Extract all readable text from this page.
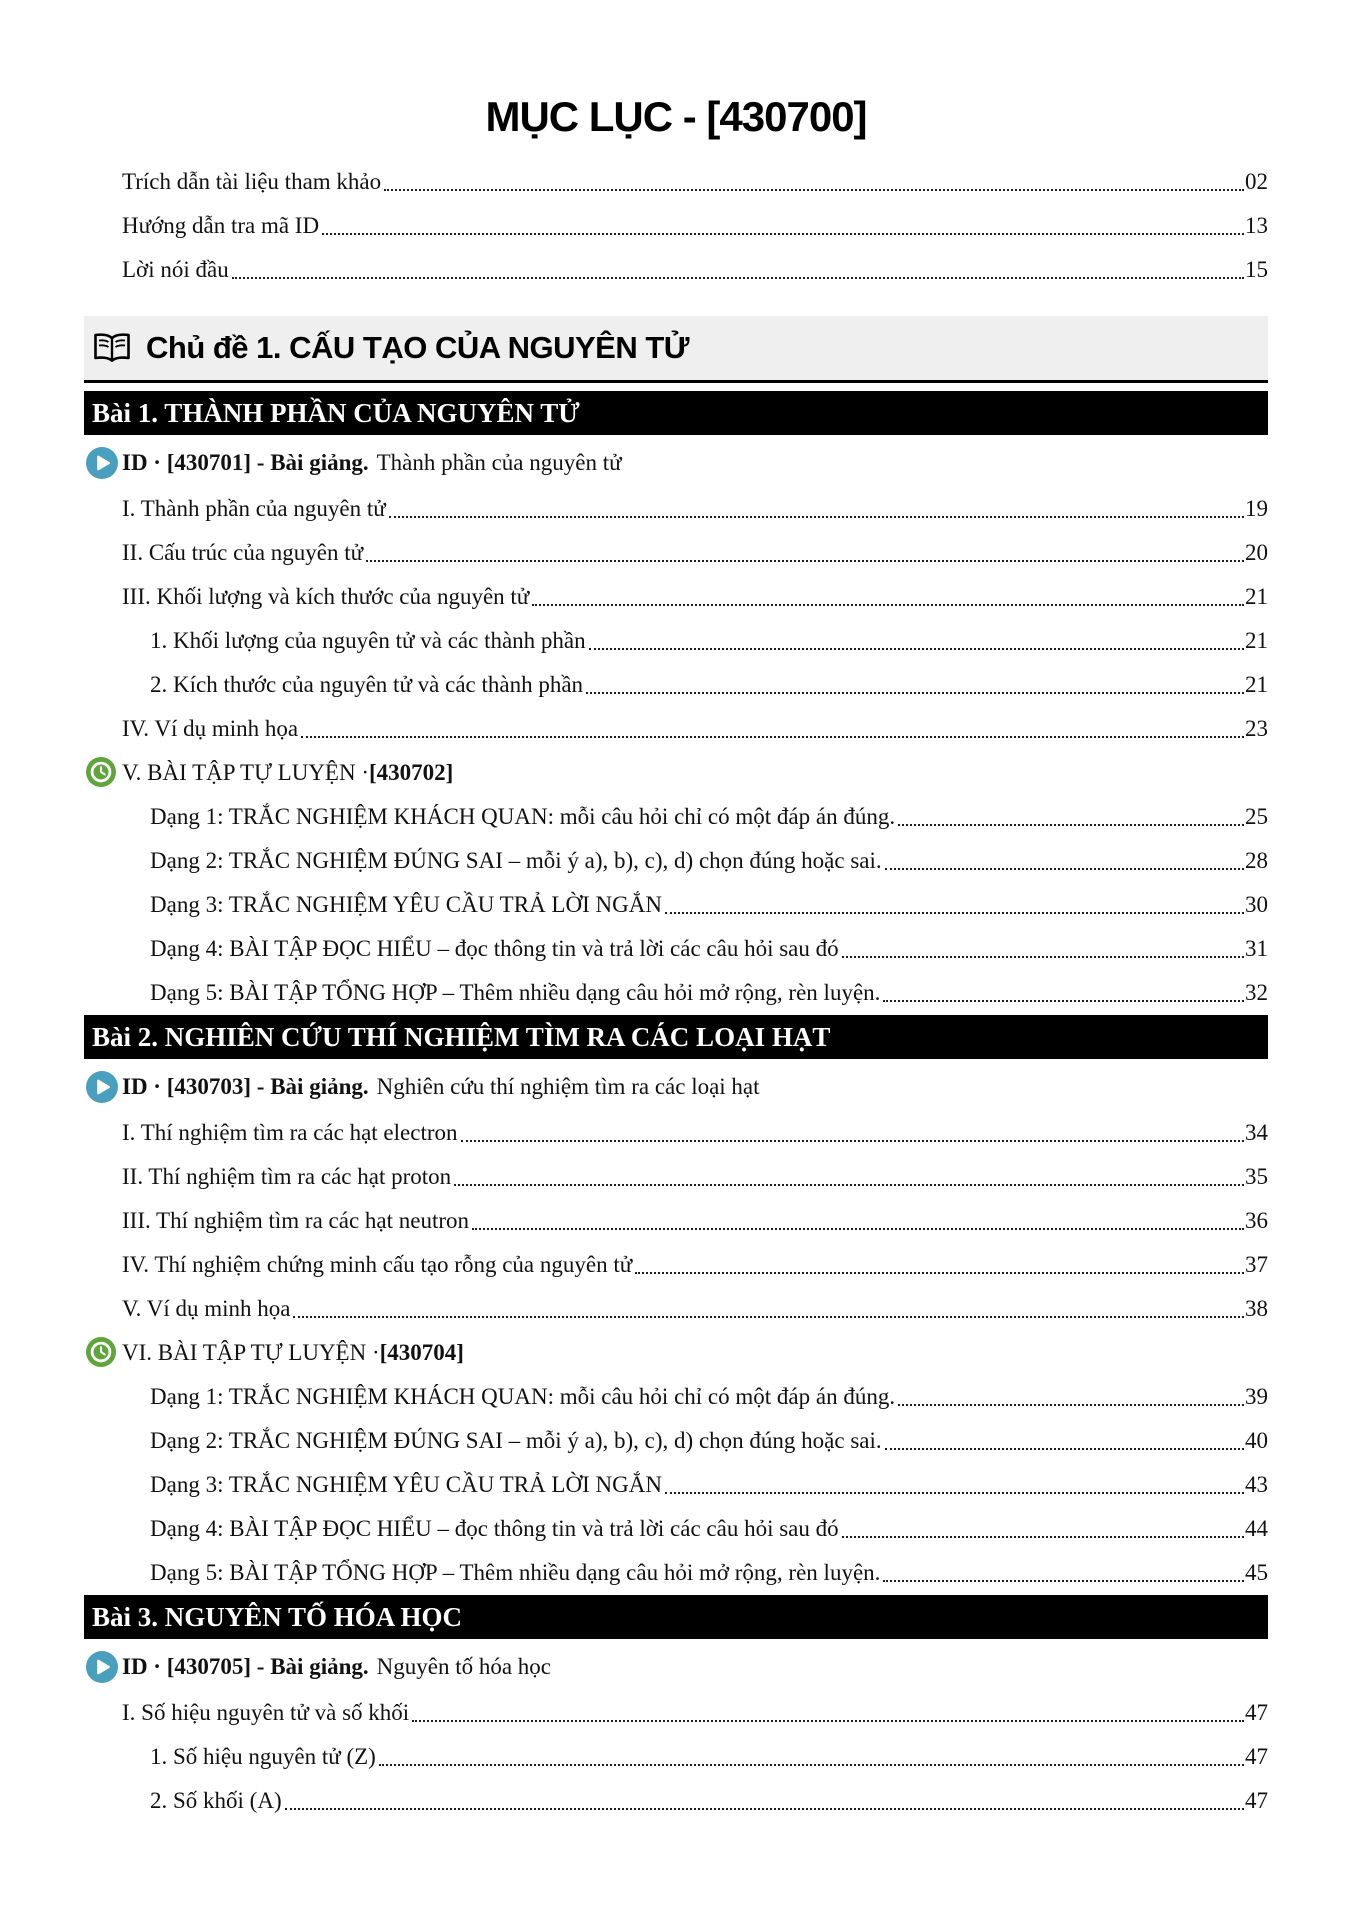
MỤC LỤC - [430700]
Trích dẫn tài liệu tham khảo	02
Hướng dẫn tra mã ID	13
Lời nói đầu	15
Chủ đề 1. CẤU TẠO CỦA NGUYÊN TỬ
Bài 1. THÀNH PHẦN CỦA NGUYÊN TỬ
ID · [430701] - Bài giảng. Thành phần của nguyên tử
I. Thành phần của nguyên tử	19
II. Cấu trúc của nguyên tử	20
III. Khối lượng và kích thước của nguyên tử	21
1. Khối lượng của nguyên tử và các thành phần	21
2. Kích thước của nguyên tử và các thành phần	21
IV. Ví dụ minh họa	23
V. BÀI TẬP TỰ LUYỆN · [430702]
Dạng 1: TRẮC NGHIỆM KHÁCH QUAN: mỗi câu hỏi chỉ có một đáp án đúng.	25
Dạng 2: TRẮC NGHIỆM ĐÚNG SAI – mỗi ý a), b), c), d) chọn đúng hoặc sai.	28
Dạng 3: TRẮC NGHIỆM YÊU CẦU TRẢ LỜI NGẮN	30
Dạng 4: BÀI TẬP ĐỌC HIỂU – đọc thông tin và trả lời các câu hỏi sau đó	31
Dạng 5: BÀI TẬP TỔNG HỢP – Thêm nhiều dạng câu hỏi mở rộng, rèn luyện.	32
Bài 2. NGHIÊN CỨU THÍ NGHIỆM TÌM RA CÁC LOẠI HẠT
ID · [430703] - Bài giảng. Nghiên cứu thí nghiệm tìm ra các loại hạt
I. Thí nghiệm tìm ra các hạt electron	34
II. Thí nghiệm tìm ra các hạt proton	35
III. Thí nghiệm tìm ra các hạt neutron	36
IV. Thí nghiệm chứng minh cấu tạo rỗng của nguyên tử	37
V. Ví dụ minh họa	38
VI. BÀI TẬP TỰ LUYỆN · [430704]
Dạng 1: TRẮC NGHIỆM KHÁCH QUAN: mỗi câu hỏi chỉ có một đáp án đúng.	39
Dạng 2: TRẮC NGHIỆM ĐÚNG SAI – mỗi ý a), b), c), d) chọn đúng hoặc sai.	40
Dạng 3: TRẮC NGHIỆM YÊU CẦU TRẢ LỜI NGẮN	43
Dạng 4: BÀI TẬP ĐỌC HIỂU – đọc thông tin và trả lời các câu hỏi sau đó	44
Dạng 5: BÀI TẬP TỔNG HỢP – Thêm nhiều dạng câu hỏi mở rộng, rèn luyện.	45
Bài 3. NGUYÊN TỐ HÓA HỌC
ID · [430705] - Bài giảng. Nguyên tố hóa học
I. Số hiệu nguyên tử và số khối	47
1. Số hiệu nguyên tử (Z)	47
2. Số khối (A)	47
